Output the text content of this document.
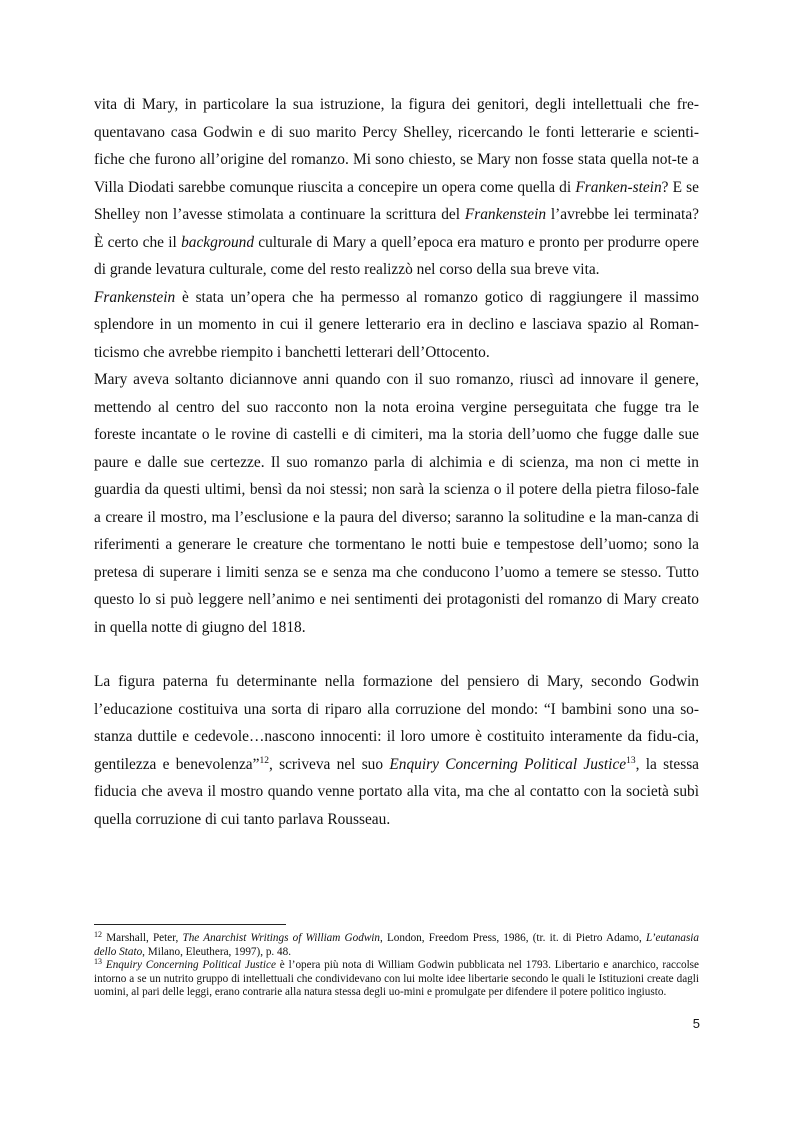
vita di Mary, in particolare la sua istruzione, la figura dei genitori, degli intellettuali che fre-quentavano casa Godwin e di suo marito Percy Shelley, ricercando le fonti letterarie e scienti-fiche che furono all’origine del romanzo. Mi sono chiesto, se Mary non fosse stata quella not-te a Villa Diodati sarebbe comunque riuscita a concepire un opera come quella di Franken-stein? E se Shelley non l’avesse stimolata a continuare la scrittura del Frankenstein l’avrebbe lei terminata? È certo che il background culturale di Mary a quell’epoca era maturo e pronto per produrre opere di grande levatura culturale, come del resto realizzò nel corso della sua breve vita.

Frankenstein è stata un’opera che ha permesso al romanzo gotico di raggiungere il massimo splendore in un momento in cui il genere letterario era in declino e lasciava spazio al Roman-ticismo che avrebbe riempito i banchetti letterari dell’Ottocento.

Mary aveva soltanto diciannove anni quando con il suo romanzo, riuscì ad innovare il genere, mettendo al centro del suo racconto non la nota eroina vergine perseguitata che fugge tra le foreste incantate o le rovine di castelli e di cimiteri, ma la storia dell’uomo che fugge dalle sue paure e dalle sue certezze. Il suo romanzo parla di alchimia e di scienza, ma non ci mette in guardia da questi ultimi, bensì da noi stessi; non sarà la scienza o il potere della pietra filoso-fale a creare il mostro, ma l’esclusione e la paura del diverso; saranno la solitudine e la man-canza di riferimenti a generare le creature che tormentano le notti buie e tempestose dell’uomo; sono la pretesa di superare i limiti senza se e senza ma che conducono l’uomo a temere se stesso. Tutto questo lo si può leggere nell’animo e nei sentimenti dei protagonisti del romanzo di Mary creato in quella notte di giugno del 1818.

La figura paterna fu determinante nella formazione del pensiero di Mary, secondo Godwin l’educazione costituiva una sorta di riparo alla corruzione del mondo: “I bambini sono una so-stanza duttile e cedevole…nascono innocenti: il loro umore è costituito interamente da fidu-cia, gentilezza e benevolenza”$^{12}$, scriveva nel suo Enquiry Concerning Political Justice$^{13}$, la stessa fiducia che aveva il mostro quando venne portato alla vita, ma che al contatto con la società subì quella corruzione di cui tanto parlava Rousseau.

$^{12}$ Marshall, Peter, The Anarchist Writings of William Godwin, London, Freedom Press, 1986, (tr. it. di Pietro Adamo, L’eutanasia dello Stato, Milano, Eleuthera, 1997), p. 48.

$^{13}$ Enquiry Concerning Political Justice è l’opera più nota di William Godwin pubblicata nel 1793. Libertario e anarchico, raccolse intorno a se un nutrito gruppo di intellettuali che condividevano con lui molte idee libertarie secondo le quali le Istituzioni create dagli uomini, al pari delle leggi, erano contrarie alla natura stessa degli uo-mini e promulgate per difendere il potere politico ingiusto.

5
